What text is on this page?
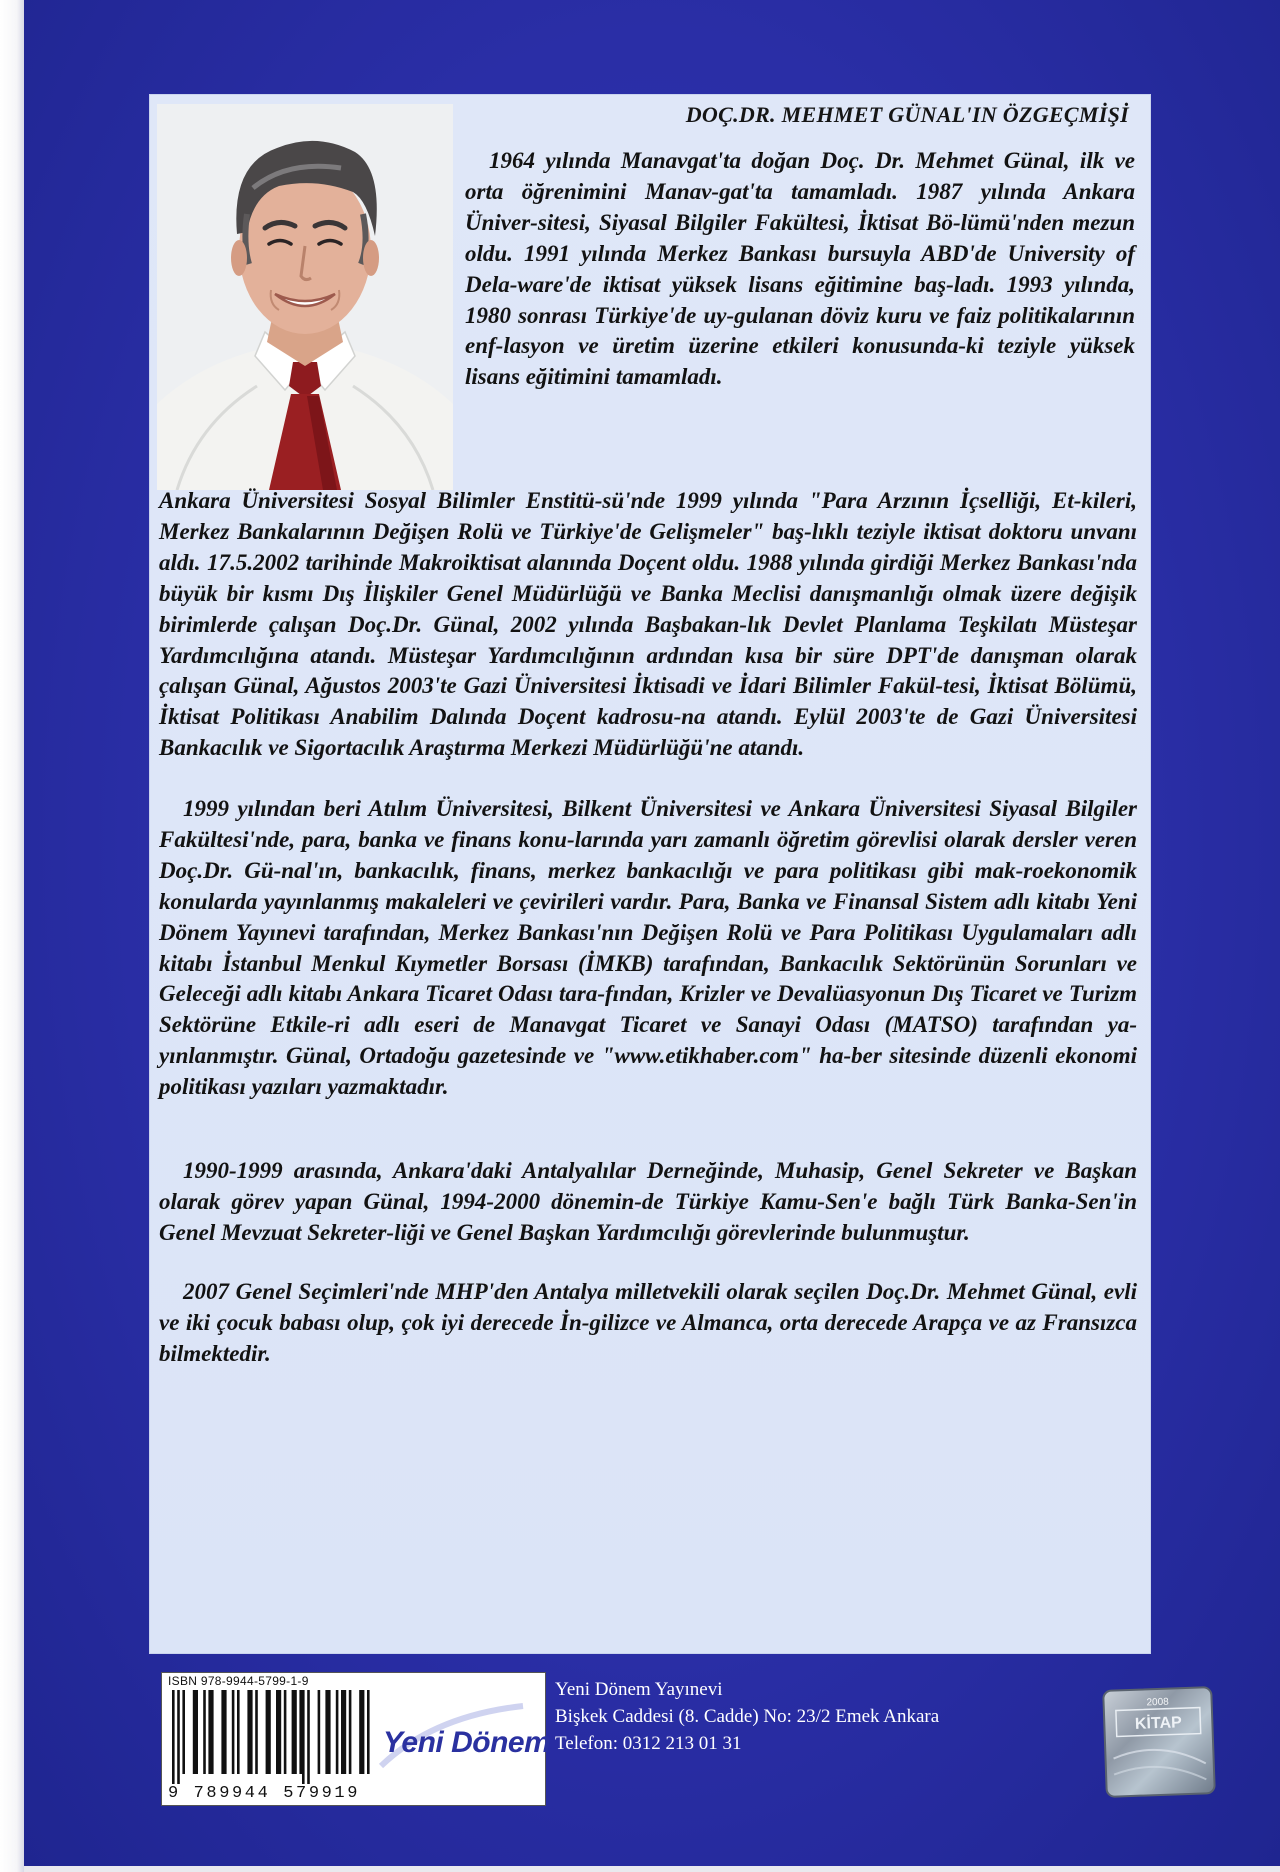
DOÇ.DR. MEHMET GÜNAL'IN ÖZGEÇMİŞİ

1964 yılında Manavgat'ta doğan Doç. Dr. Mehmet Günal, ilk ve orta öğrenimini Manav-gat'ta tamamladı. 1987 yılında Ankara Üniver-sitesi, Siyasal Bilgiler Fakültesi, İktisat Bö-lümü'nden mezun oldu. 1991 yılında Merkez Bankası bursuyla ABD'de University of Dela-ware'de iktisat yüksek lisans eğitimine baş-ladı. 1993 yılında, 1980 sonrası Türkiye'de uy-gulanan döviz kuru ve faiz politikalarının enf-lasyon ve üretim üzerine etkileri konusunda-ki teziyle yüksek lisans eğitimini tamamladı.

Ankara Üniversitesi Sosyal Bilimler Enstitü-sü'nde 1999 yılında "Para Arzının İçselliği, Et-kileri, Merkez Bankalarının Değişen Rolü ve Türkiye'de Gelişmeler" baş-lıklı teziyle iktisat doktoru unvanı aldı. 17.5.2002 tarihinde Makroiktisat alanında Doçent oldu. 1988 yılında girdiği Merkez Bankası'nda büyük bir kısmı Dış İlişkiler Genel Müdürlüğü ve Banka Meclisi danışmanlığı olmak üzere değişik birimlerde çalışan Doç.Dr. Günal, 2002 yılında Başbakan-lık Devlet Planlama Teşkilatı Müsteşar Yardımcılığına atandı. Müsteşar Yardımcılığının ardından kısa bir süre DPT'de danışman olarak çalışan Günal, Ağustos 2003'te Gazi Üniversitesi İktisadi ve İdari Bilimler Fakül-tesi, İktisat Bölümü, İktisat Politikası Anabilim Dalında Doçent kadrosu-na atandı. Eylül 2003'te de Gazi Üniversitesi Bankacılık ve Sigortacılık Araştırma Merkezi Müdürlüğü'ne atandı.

1999 yılından beri Atılım Üniversitesi, Bilkent Üniversitesi ve Ankara Üniversitesi Siyasal Bilgiler Fakültesi'nde, para, banka ve finans konu-larında yarı zamanlı öğretim görevlisi olarak dersler veren Doç.Dr. Gü-nal'ın, bankacılık, finans, merkez bankacılığı ve para politikası gibi mak-roekonomik konularda yayınlanmış makaleleri ve çevirileri vardır. Para, Banka ve Finansal Sistem adlı kitabı Yeni Dönem Yayınevi tarafından, Merkez Bankası'nın Değişen Rolü ve Para Politikası Uygulamaları adlı kitabı İstanbul Menkul Kıymetler Borsası (İMKB) tarafından, Bankacılık Sektörünün Sorunları ve Geleceği adlı kitabı Ankara Ticaret Odası tara-fından, Krizler ve Devalüasyonun Dış Ticaret ve Turizm Sektörüne Etkile-ri adlı eseri de Manavgat Ticaret ve Sanayi Odası (MATSO) tarafından ya-yınlanmıştır. Günal, Ortadoğu gazetesinde ve "www.etikhaber.com" ha-ber sitesinde düzenli ekonomi politikası yazıları yazmaktadır.

1990-1999 arasında, Ankara'daki Antalyalılar Derneğinde, Muhasip, Genel Sekreter ve Başkan olarak görev yapan Günal, 1994-2000 dönemin-de Türkiye Kamu-Sen'e bağlı Türk Banka-Sen'in Genel Mevzuat Sekreter-liği ve Genel Başkan Yardımcılığı görevlerinde bulunmuştur.

2007 Genel Seçimleri'nde MHP'den Antalya milletvekili olarak seçilen Doç.Dr. Mehmet Günal, evli ve iki çocuk babası olup, çok iyi derecede İn-gilizce ve Almanca, orta derecede Arapça ve az Fransızca bilmektedir.

ISBN 978-9944-5799-1-9
9 789944 579919
Yeni Dönem
Yeni Dönem Yayınevi
Bişkek Caddesi (8. Cadde) No: 23/2 Emek Ankara
Telefon: 0312 213 01 31
KİTAP
2008
